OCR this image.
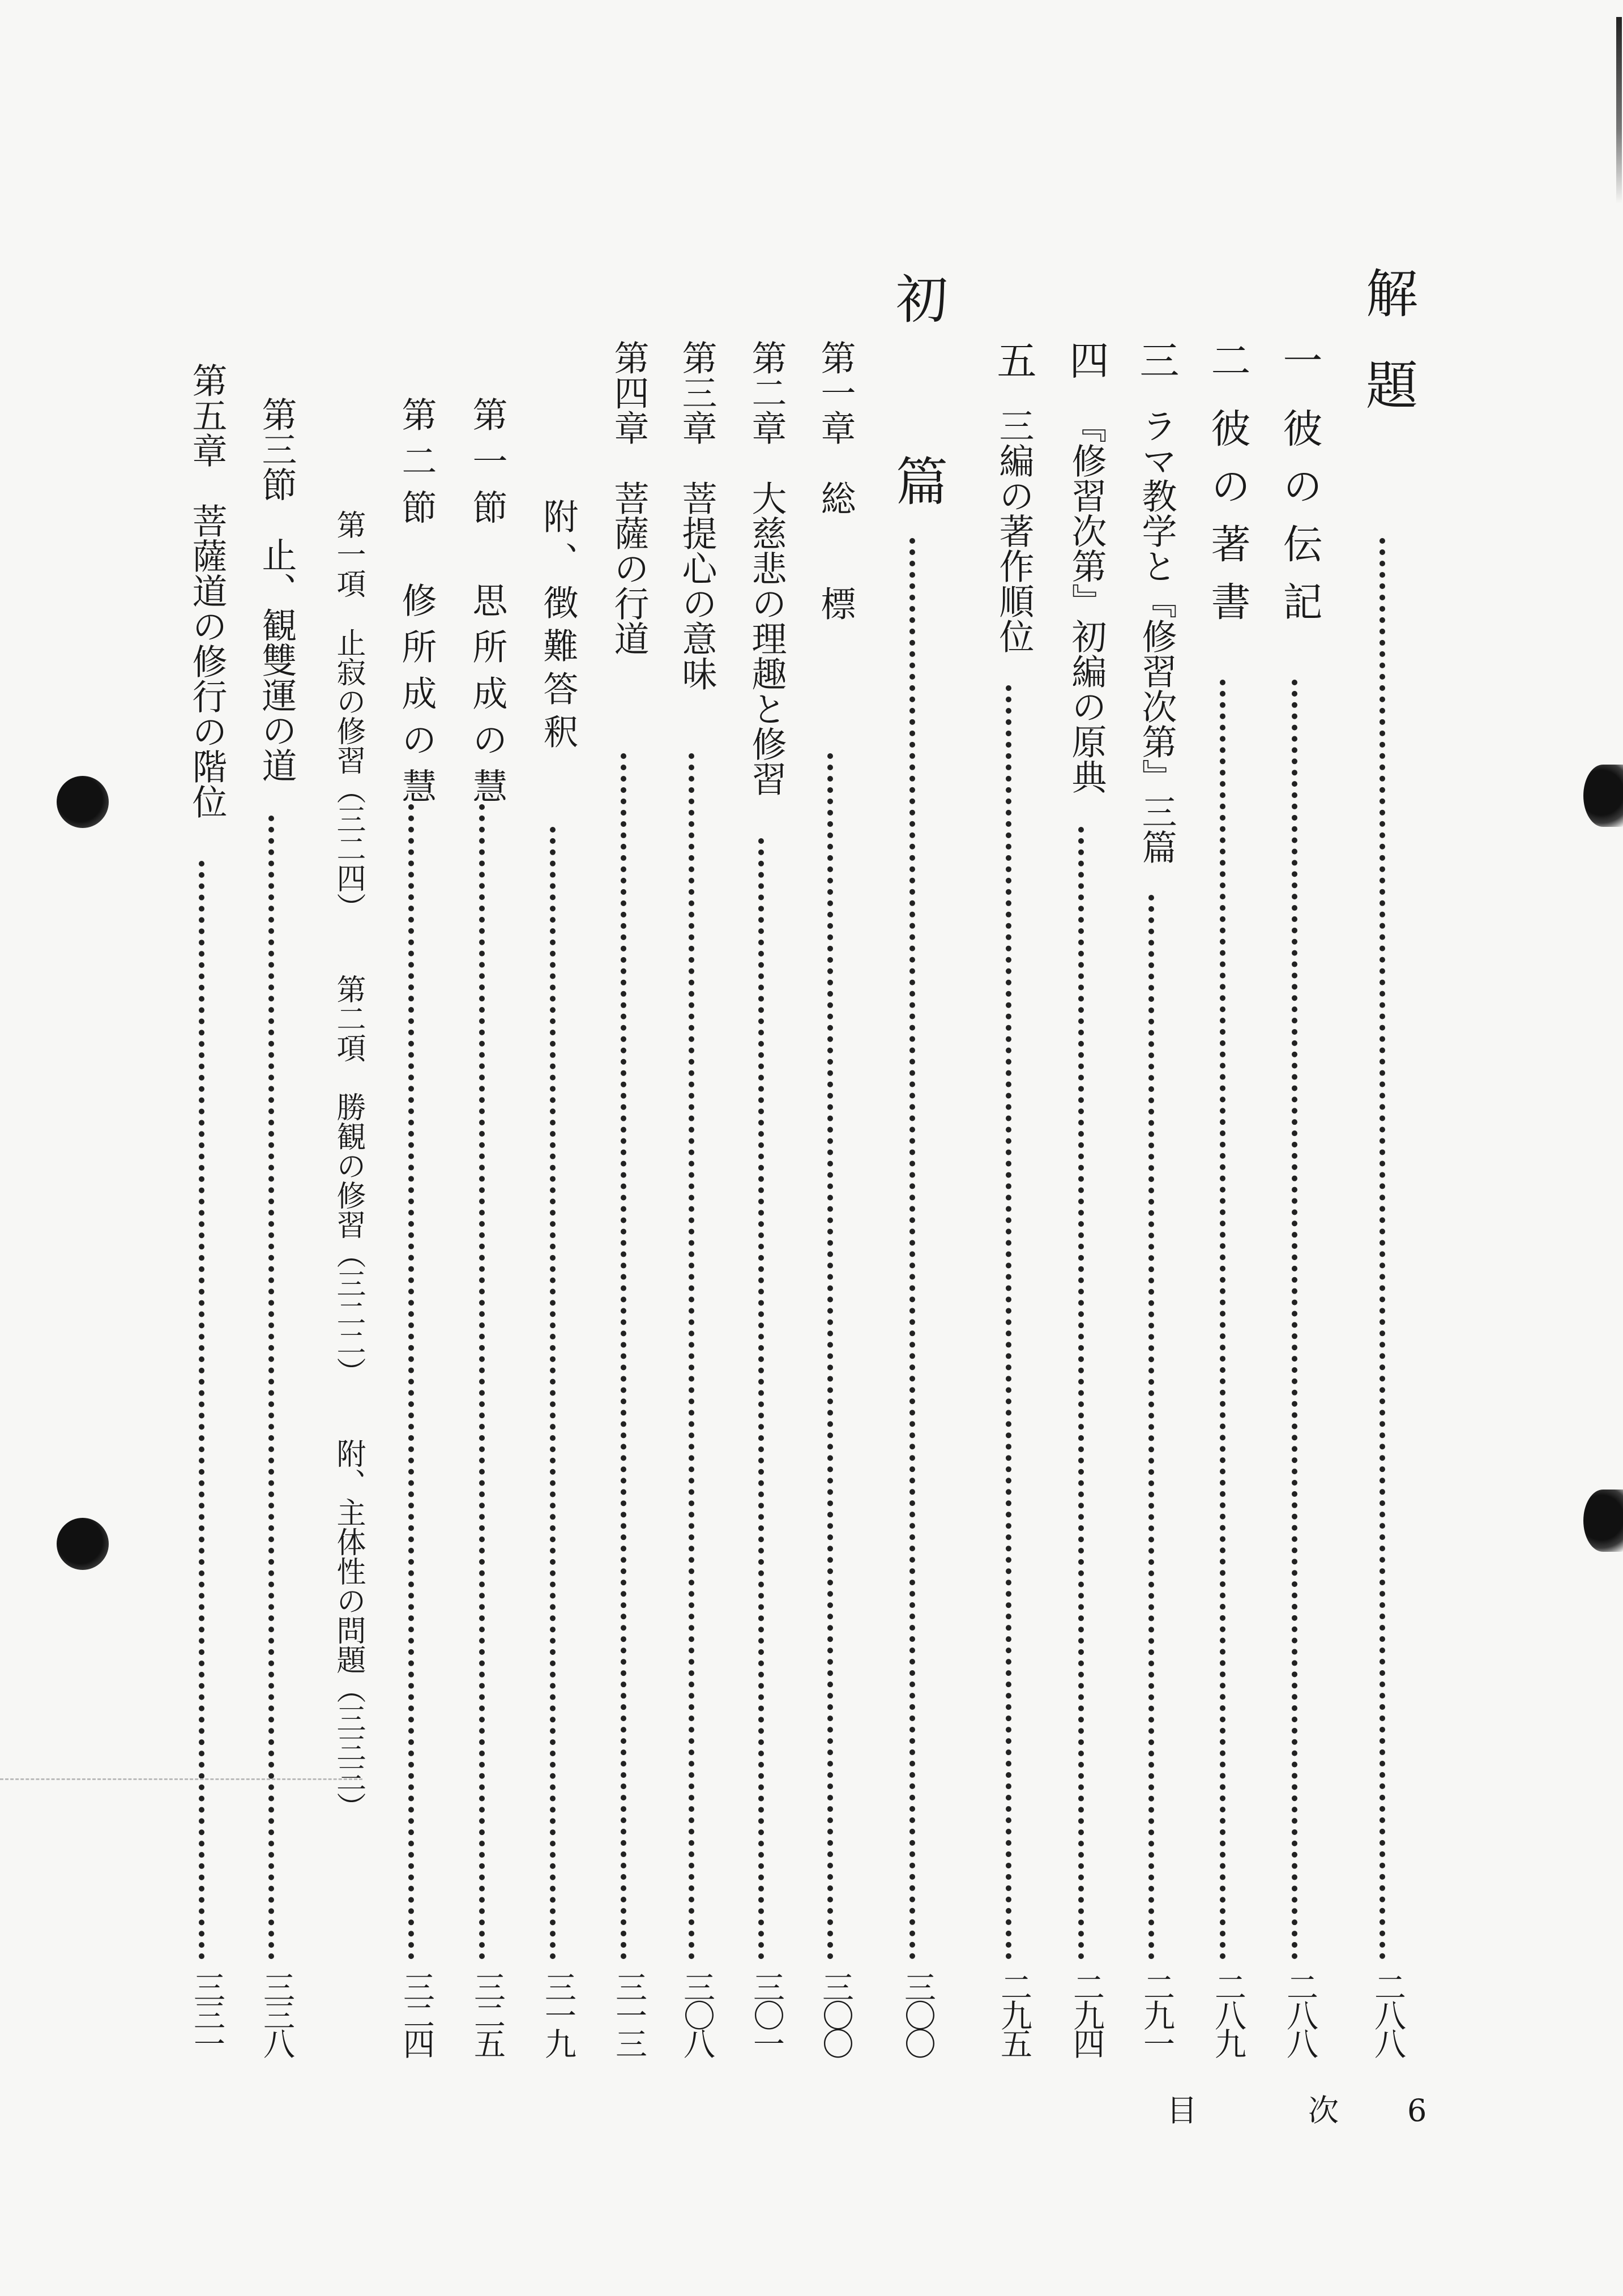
解題
二八八
一
彼の伝記
二八八
二
彼の著書
二八九
三
ラマ教学と『修習次第』三篇
二九一
四
『修習次第』初編の原典
二九四
五
三編の著作順位
二九五
初篇
三〇〇
第一章　総　　標
三〇〇
第二章　大慈悲の理趣と修習
三〇一
第三章　菩提心の意味
三〇八
第四章　菩薩の行道
三一三
附、徴難答釈
三一九
第一節　思所成の慧
三二五
第二節　修所成の慧
三二四
第一項　止寂の修習（三二四）
第二項　勝観の修習（三二二）
附、主体性の問題（三三三）
第三節　止、観雙運の道
三三八
第五章　菩薩道の修行の階位
三三一
目	次 6
